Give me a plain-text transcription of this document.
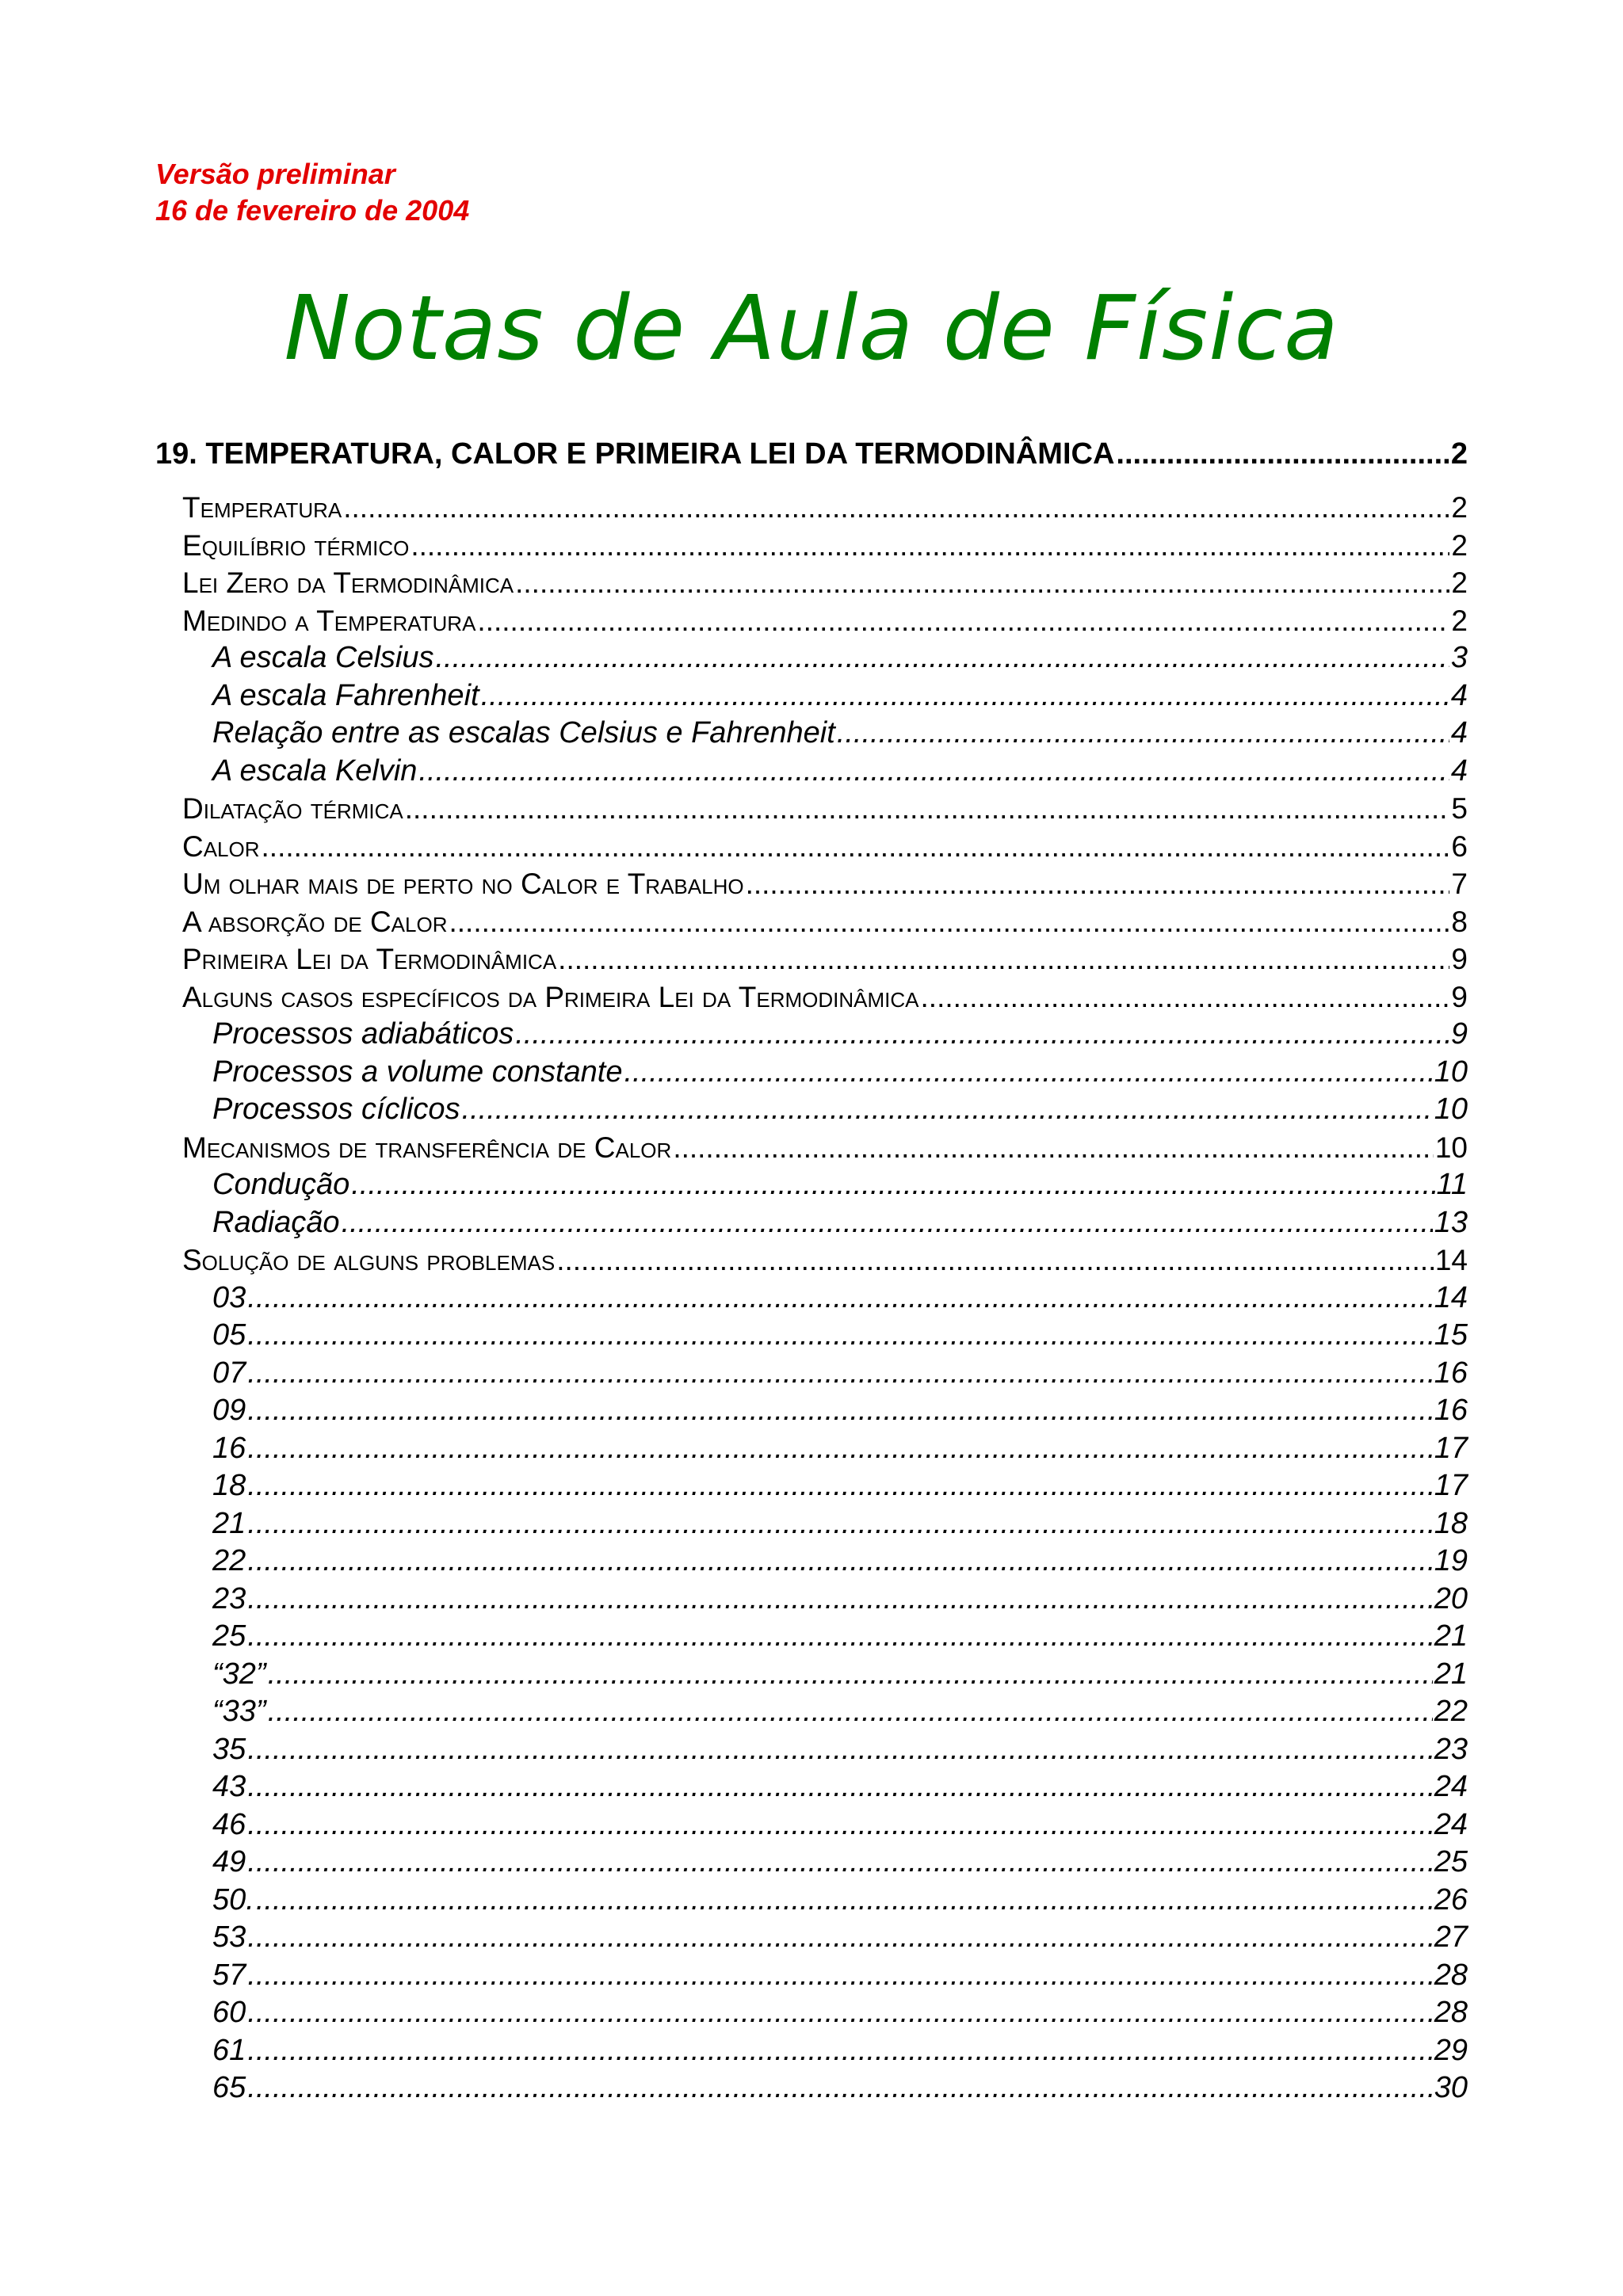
Versão preliminar
16 de fevereiro de 2004
Notas de Aula de Física
19. TEMPERATURA, CALOR E PRIMEIRA LEI DA TERMODINÂMICA .....	2
Temperatura .....	2
Equilíbrio térmico .....	2
Lei Zero da Termodinâmica .....	2
Medindo a Temperatura .....	2
A escala Celsius .....	3
A escala Fahrenheit .....	4
Relação entre as escalas Celsius e Fahrenheit .....	4
A escala Kelvin .....	4
Dilatação térmica .....	5
Calor .....	6
Um olhar mais de perto no Calor e Trabalho .....	7
A absorção de Calor .....	8
Primeira Lei da Termodinâmica .....	9
Alguns casos específicos da Primeira Lei da Termodinâmica .....	9
Processos adiabáticos .....	9
Processos a volume constante .....	10
Processos cíclicos .....	10
Mecanismos de transferência de Calor .....	10
Condução .....	11
Radiação .....	13
Solução de alguns problemas .....	14
03 .....	14
05 .....	15
07 .....	16
09 .....	16
16 .....	17
18 .....	17
21 .....	18
22 .....	19
23 .....	20
25 .....	21
“32” .....	21
“33” .....	22
35 .....	23
43 .....	24
46 .....	24
49 .....	25
50. .....	26
53 .....	27
57 .....	28
60 .....	28
61 .....	29
65 .....	30
